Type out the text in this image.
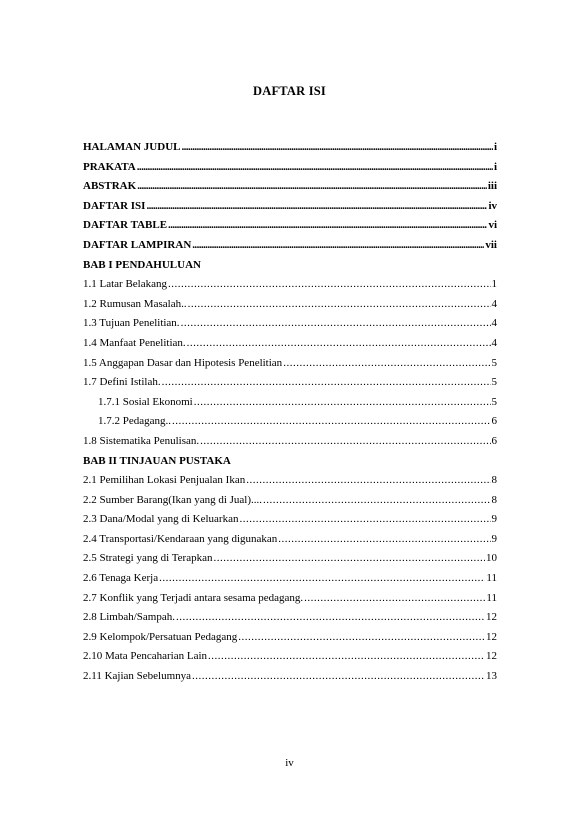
DAFTAR ISI
HALAMAN JUDUL .....	i
PRAKATA .....	i
ABSTRAK .....	iii
DAFTAR ISI .....	iv
DAFTAR TABLE .....	vi
DAFTAR LAMPIRAN .....	vii
BAB I PENDAHULUAN
1.1 Latar Belakang .....	1
1.2 Rumusan Masalah.. .....	4
1.3 Tujuan Penelitian. .....	4
1.4 Manfaat Penelitian. .....	4
1.5 Anggapan Dasar dan Hipotesis Penelitian .....	5
1.7 Defini Istilah. .....	5
1.7.1 Sosial Ekonomi .....	5
1.7.2 Pedagang.. .....	6
1.8 Sistematika Penulisan. .....	6
BAB II TINJAUAN PUSTAKA
2.1 Pemilihan Lokasi Penjualan Ikan .....	8
2.2 Sumber Barang(Ikan yang di Jual).... .....	8
2.3 Dana/Modal yang di Keluarkan .....	9
2.4 Transportasi/Kendaraan yang digunakan .....	9
2.5 Strategi yang di Terapkan .....	10
2.6 Tenaga Kerja .....	11
2.7 Konflik yang Terjadi antara sesama pedagang. .....	11
2.8 Limbah/Sampah. .....	12
2.9 Kelompok/Persatuan Pedagang .....	12
2.10 Mata Pencaharian Lain .....	12
2.11 Kajian Sebelumnya .....	13
iv
